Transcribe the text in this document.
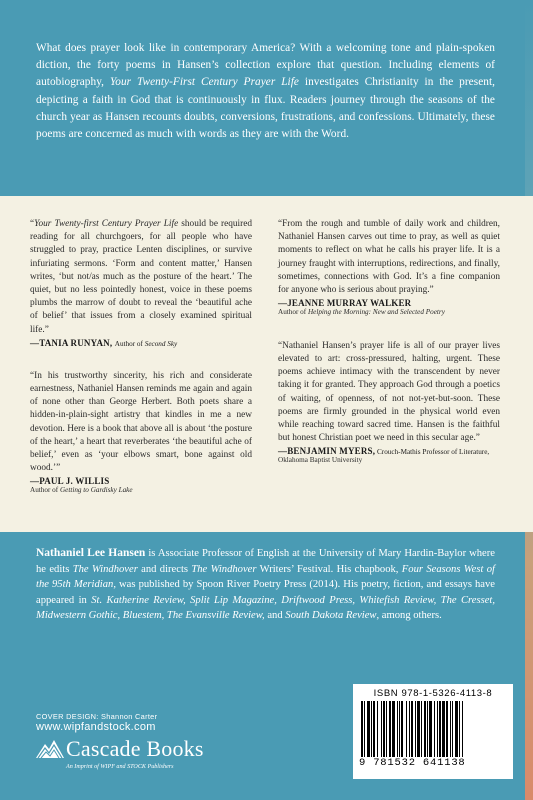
What does prayer look like in contemporary America? With a welcoming tone and plain-spoken diction, the forty poems in Hansen’s collection explore that question. Including elements of autobiography, Your Twenty-First Century Prayer Life investigates Christianity in the present, depicting a faith in God that is continuously in flux. Readers journey through the seasons of the church year as Hansen recounts doubts, conversions, frustrations, and confessions. Ultimately, these poems are concerned as much with words as they are with the Word.

“Your Twenty-first Century Prayer Life should be required reading for all churchgoers, for all people who have struggled to pray, practice Lenten disciplines, or survive infuriating sermons. ‘Form and content matter,’ Hansen writes, ‘but not/as much as the posture of the heart.’ The quiet, but no less pointedly honest, voice in these poems plumbs the marrow of doubt to reveal the ‘beautiful ache of belief’ that issues from a closely examined spiritual life.”

—TANIA RUNYAN, Author of Second Sky

“In his trustworthy sincerity, his rich and considerate earnestness, Nathaniel Hansen reminds me again and again of none other than George Herbert. Both poets share a hidden-in-plain-sight artistry that kindles in me a new devotion. Here is a book that above all is about ‘the posture of the heart,’ a heart that reverberates ‘the beautiful ache of belief,’ even as ‘your elbows smart, bone against old wood.’”

—PAUL J. WILLIS
Author of Getting to Gardisky Lake

“From the rough and tumble of daily work and children, Nathaniel Hansen carves out time to pray, as well as quiet moments to reflect on what he calls his prayer life. It is a journey fraught with interruptions, redirections, and finally, sometimes, connections with God. It’s a fine companion for anyone who is serious about praying.”

—JEANNE MURRAY WALKER
Author of Helping the Morning: New and Selected Poetry

“Nathaniel Hansen’s prayer life is all of our prayer lives elevated to art: cross-pressured, halting, urgent. These poems achieve intimacy with the transcendent by never taking it for granted. They approach God through a poetics of waiting, of openness, of not not-yet-but-soon. These poems are firmly grounded in the physical world even while reaching toward sacred time. Hansen is the faithful but honest Christian poet we need in this secular age.”

—BENJAMIN MYERS, Crouch-Mathis Professor of Literature,
Oklahoma Baptist University

Nathaniel Lee Hansen is Associate Professor of English at the University of Mary Hardin-Baylor where he edits The Windhover and directs The Windhover Writers’ Festival. His chapbook, Four Seasons West of the 95th Meridian, was published by Spoon River Poetry Press (2014). His poetry, fiction, and essays have appeared in St. Katherine Review, Split Lip Magazine, Driftwood Press, Whitefish Review, The Cresset, Midwestern Gothic, Bluestem, The Evansville Review, and South Dakota Review, among others.

COVER DESIGN: Shannon Carter
www.wipfandstock.com
Cascade Books
An Imprint of WIPF and STOCK Publishers
ISBN 978-1-5326-4113-8
9 781532 641138
